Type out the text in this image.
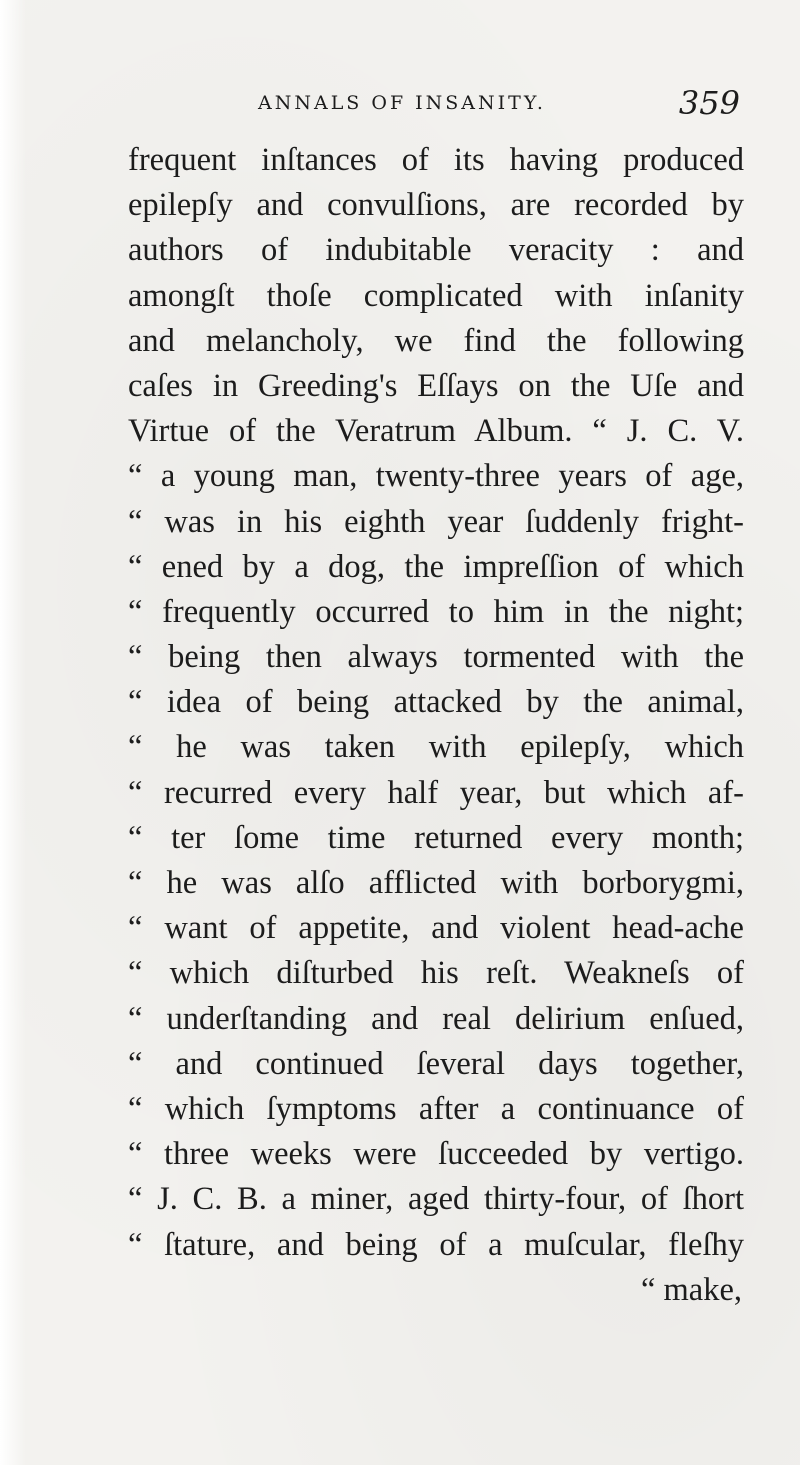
ANNALS OF INSANITY.	359
frequent inſtances of its having produced
epilepſy and convulſions, are recorded by
authors of indubitable veracity : and
amongſt thoſe complicated with inſanity
and melancholy, we find the following
caſes in Greeding's Eſſays on the Uſe and
Virtue of the Veratrum Album. “ J. C. V.
“ a young man, twenty-three years of age,
“ was in his eighth year ſuddenly fright-
“ ened by a dog, the impreſſion of which
“ frequently occurred to him in the night;
“ being then always tormented with the
“ idea of being attacked by the animal,
“ he was taken with epilepſy, which
“ recurred every half year, but which af-
“ ter ſome time returned every month;
“ he was alſo afflicted with borborygmi,
“ want of appetite, and violent head-ache
“ which diſturbed his reſt. Weakneſs of
“ underſtanding and real delirium enſued,
“ and continued ſeveral days together,
“ which ſymptoms after a continuance of
“ three weeks were ſucceeded by vertigo.
“ J. C. B. a miner, aged thirty-four, of ſhort
“ ſtature, and being of a muſcular, fleſhy
“ make,
